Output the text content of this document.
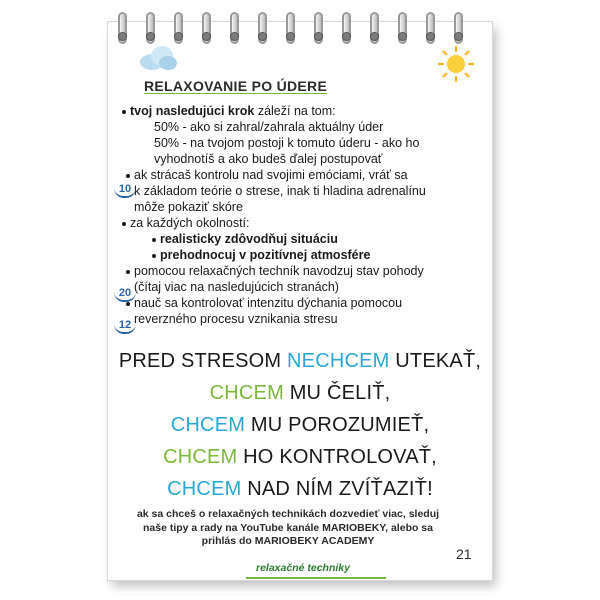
RELAXOVANIE PO ÚDERE
tvoj nasledujúci krok záleží na tom:
50% - ako si zahral/zahrala aktuálny úder
50% - na tvojom postoji k tomuto úderu - ako ho
vyhodnotíš a ako budeš ďalej postupovať
ak strácaš kontrolu nad svojimi emóciami, vráť sa
k základom teórie o strese, inak ti hladina adrenalínu
môže pokaziť skóre
za každých okolností:
realisticky zdôvodňuj situáciu
prehodnocuj v pozitívnej atmosfére
pomocou relaxačných techník navodzuj stav pohody
(čítaj viac na nasledujúcich stranách)
nauč sa kontrolovať intenzitu dýchania pomocou
reverzného procesu vznikania stresu
10
20
12
PRED STRESOM NECHCEM UTEKAŤ,
CHCEM MU ČELIŤ,
CHCEM MU POROZUMIEŤ,
CHCEM HO KONTROLOVAŤ,
CHCEM NAD NÍM ZVÍŤAZIŤ!
ak sa chceš o relaxačných technikách dozvedieť viac, sleduj
naše tipy a rady na YouTube kanále MARIOBEKY, alebo sa
prihlás do MARIOBEKY ACADEMY
21
relaxačné techniky
